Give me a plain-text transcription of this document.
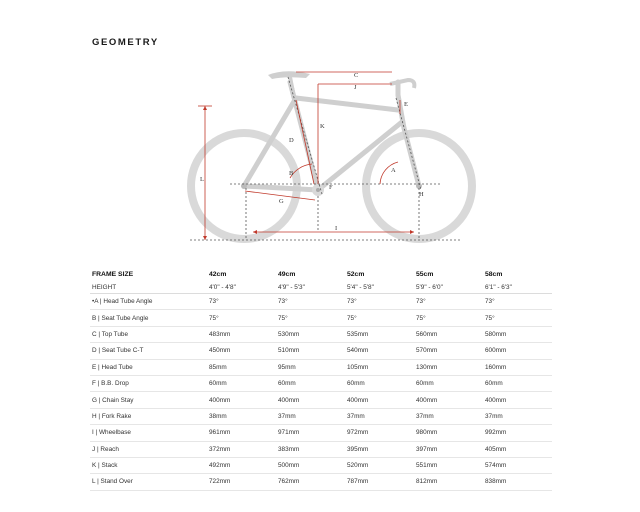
GEOMETRY
C
J
E
K
D
L
B	A
F
H
G
I
FRAME SIZE	42cm	49cm	52cm	55cm	58cm
HEIGHT	4'0" - 4'8"	4'9" - 5'3"	5'4" - 5'8"	5'9" - 6'0"	6'1" - 6'3"
•A | Head Tube Angle	73°	73°	73°	73°	73°
B | Seat Tube Angle	75°	75°	75°	75°	75°
C | Top Tube	483mm	530mm	535mm	560mm	580mm
D | Seat Tube C-T	450mm	510mm	540mm	570mm	600mm
E | Head Tube	85mm	95mm	105mm	130mm	160mm
F | B.B. Drop	60mm	60mm	60mm	60mm	60mm
G | Chain Stay	400mm	400mm	400mm	400mm	400mm
H | Fork Rake	38mm	37mm	37mm	37mm	37mm
I | Wheelbase	961mm	971mm	972mm	980mm	992mm
J | Reach	372mm	383mm	395mm	397mm	405mm
K | Stack	492mm	500mm	520mm	551mm	574mm
L | Stand Over	722mm	762mm	787mm	812mm	838mm
